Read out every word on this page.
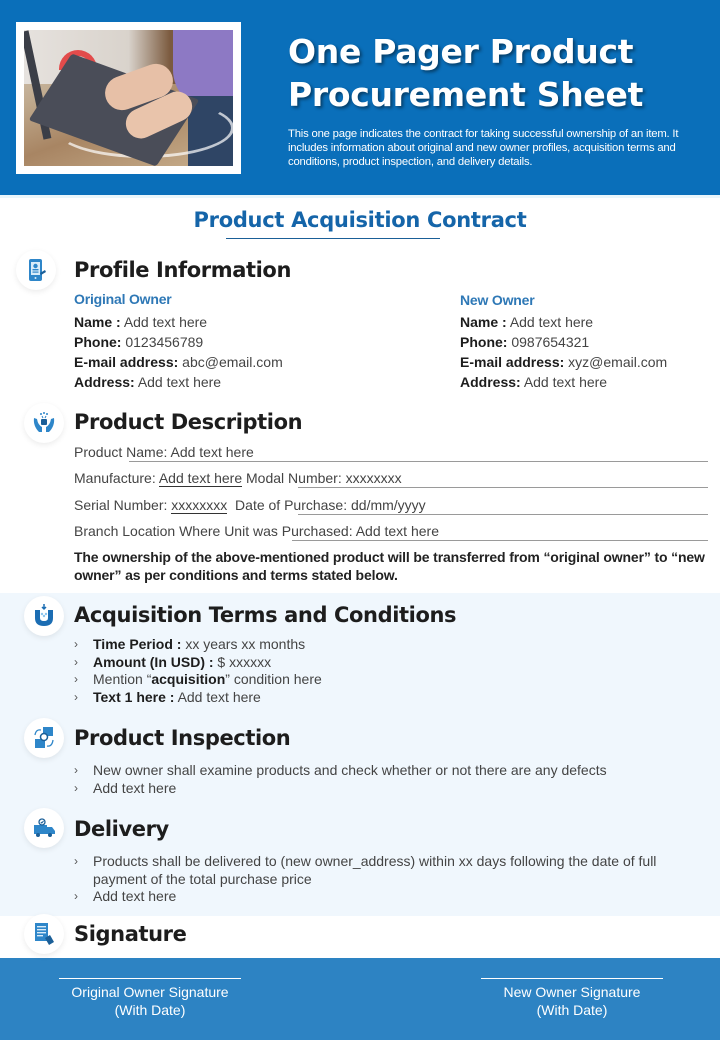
One Pager Product
Procurement Sheet
This one page indicates the contract for taking successful ownership of an item. It includes information about original and new owner profiles, acquisition terms and conditions, product inspection, and delivery details.
Product Acquisition Contract
Profile Information
Original Owner
Name : Add text here
Phone: 0123456789
E-mail address: abc@email.com
Address: Add text here
New Owner
Name : Add text here
Phone: 0987654321
E-mail address: xyz@email.com
Address: Add text here
Product Description
Product Name: Add text here
Manufacture: Add text here Modal Number: xxxxxxxx
Serial Number: xxxxxxxx Date of Purchase: dd/mm/yyyy
Branch Location Where Unit was Purchased: Add text here
The ownership of the above-mentioned product will be transferred from “original owner” to “new owner” as per conditions and terms stated below.
Acquisition Terms and Conditions
› Time Period : xx years xx months
› Amount (In USD) : $ xxxxxx
› Mention “acquisition” condition here
› Text 1 here : Add text here
Product Inspection
› New owner shall examine products and check whether or not there are any defects
› Add text here
Delivery
› Products shall be delivered to (new owner_address) within xx days following the date of full payment of the total purchase price
› Add text here
Signature
Original Owner Signature
(With Date)
New Owner Signature
(With Date)
